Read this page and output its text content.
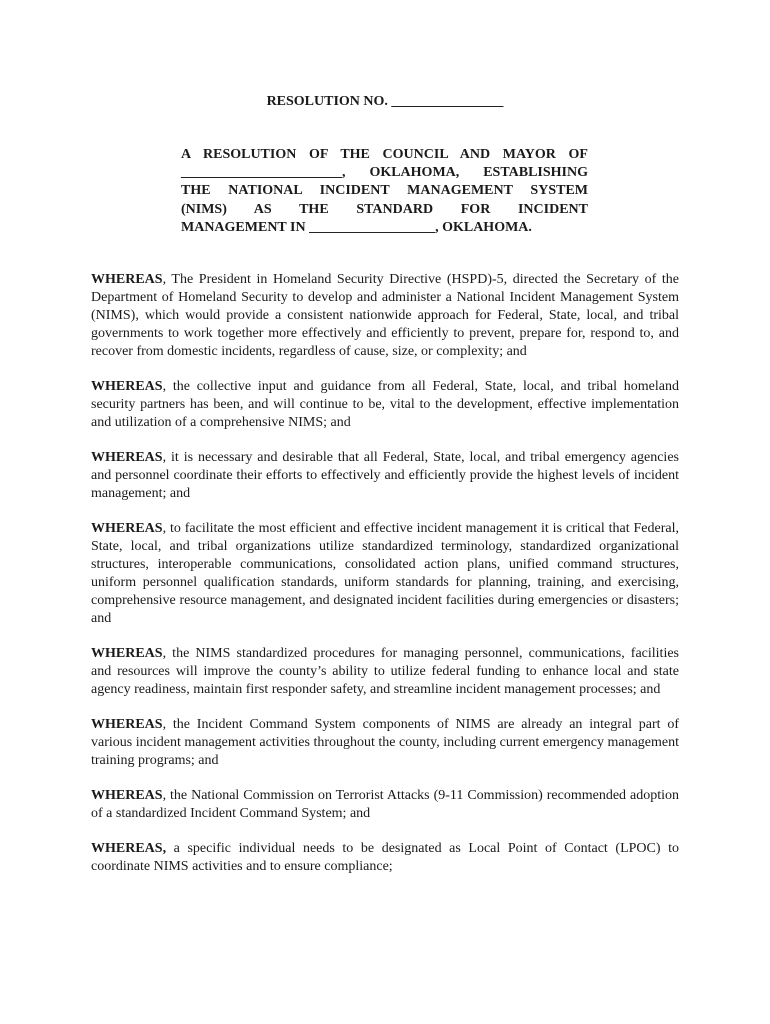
RESOLUTION NO. ________________
A RESOLUTION OF THE COUNCIL AND MAYOR OF
_______________________, OKLAHOMA, ESTABLISHING
THE NATIONAL INCIDENT MANAGEMENT SYSTEM
(NIMS) AS THE STANDARD FOR INCIDENT
MANAGEMENT IN __________________, OKLAHOMA.

WHEREAS, The President in Homeland Security Directive (HSPD)-5, directed the Secretary of the Department of Homeland Security to develop and administer a National Incident Management System (NIMS), which would provide a consistent nationwide approach for Federal, State, local, and tribal governments to work together more effectively and efficiently to prevent, prepare for, respond to, and recover from domestic incidents, regardless of cause, size, or complexity; and

WHEREAS, the collective input and guidance from all Federal, State, local, and tribal homeland security partners has been, and will continue to be, vital to the development, effective implementation and utilization of a comprehensive NIMS; and

WHEREAS, it is necessary and desirable that all Federal, State, local, and tribal emergency agencies and personnel coordinate their efforts to effectively and efficiently provide the highest levels of incident management; and

WHEREAS, to facilitate the most efficient and effective incident management it is critical that Federal, State, local, and tribal organizations utilize standardized terminology, standardized organizational structures, interoperable communications, consolidated action plans, unified command structures, uniform personnel qualification standards, uniform standards for planning, training, and exercising, comprehensive resource management, and designated incident facilities during emergencies or disasters; and

WHEREAS, the NIMS standardized procedures for managing personnel, communications, facilities and resources will improve the county’s ability to utilize federal funding to enhance local and state agency readiness, maintain first responder safety, and streamline incident management processes; and

WHEREAS, the Incident Command System components of NIMS are already an integral part of various incident management activities throughout the county, including current emergency management training programs; and

WHEREAS, the National Commission on Terrorist Attacks (9-11 Commission) recommended adoption of a standardized Incident Command System; and

WHEREAS, a specific individual needs to be designated as Local Point of Contact (LPOC) to coordinate NIMS activities and to ensure compliance;
